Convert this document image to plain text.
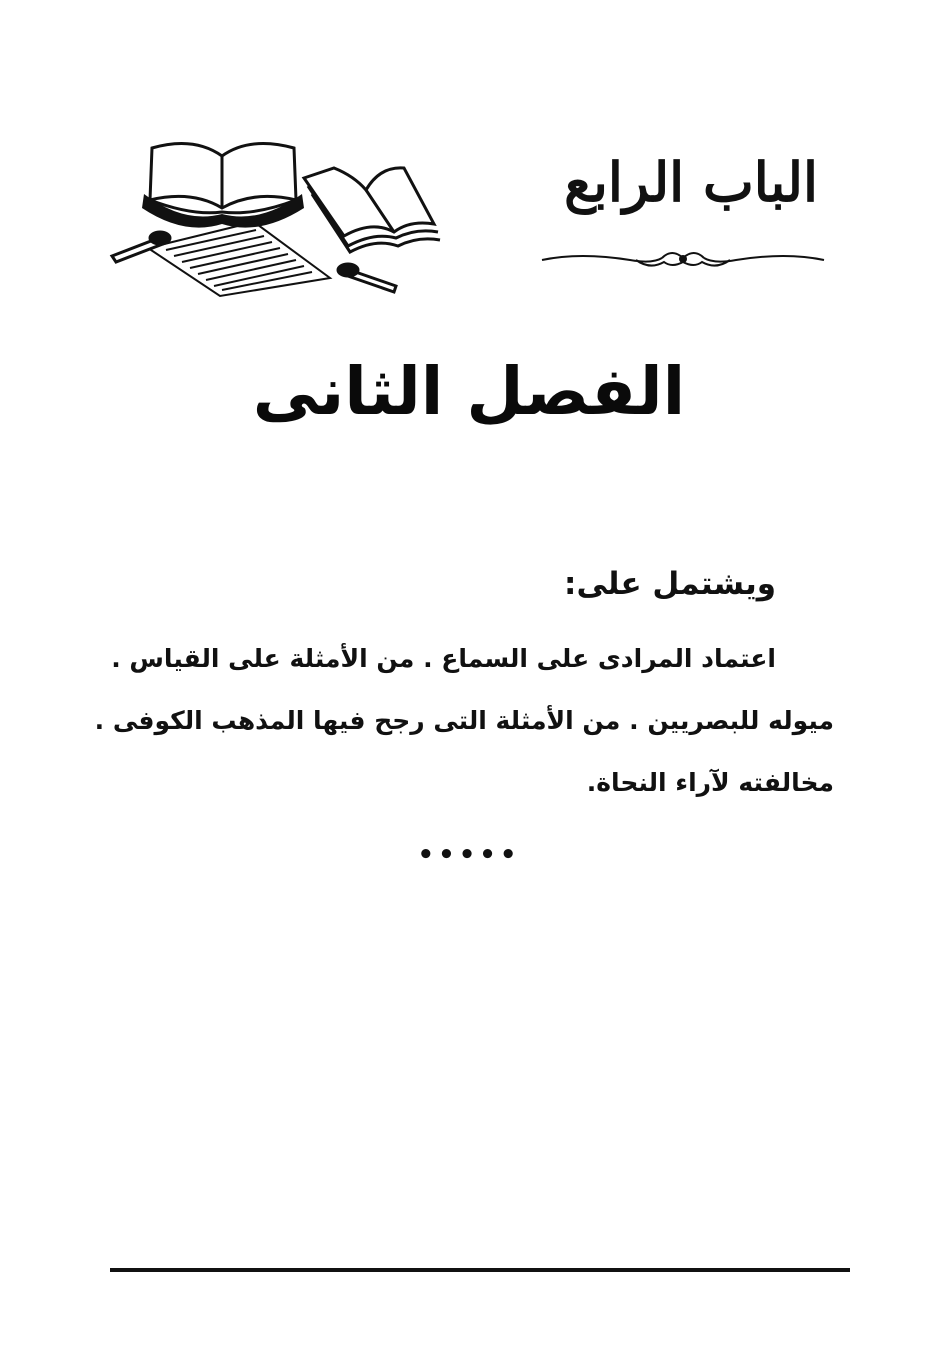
الباب الرابع
الفصل الثانى
ويشتمل على:
اعتماد المرادى على السماع . من الأمثلة على القياس .
ميوله للبصريين . من الأمثلة التى رجح فيها المذهب الكوفى .
مخالفته لآراء النحاة.
•••••
